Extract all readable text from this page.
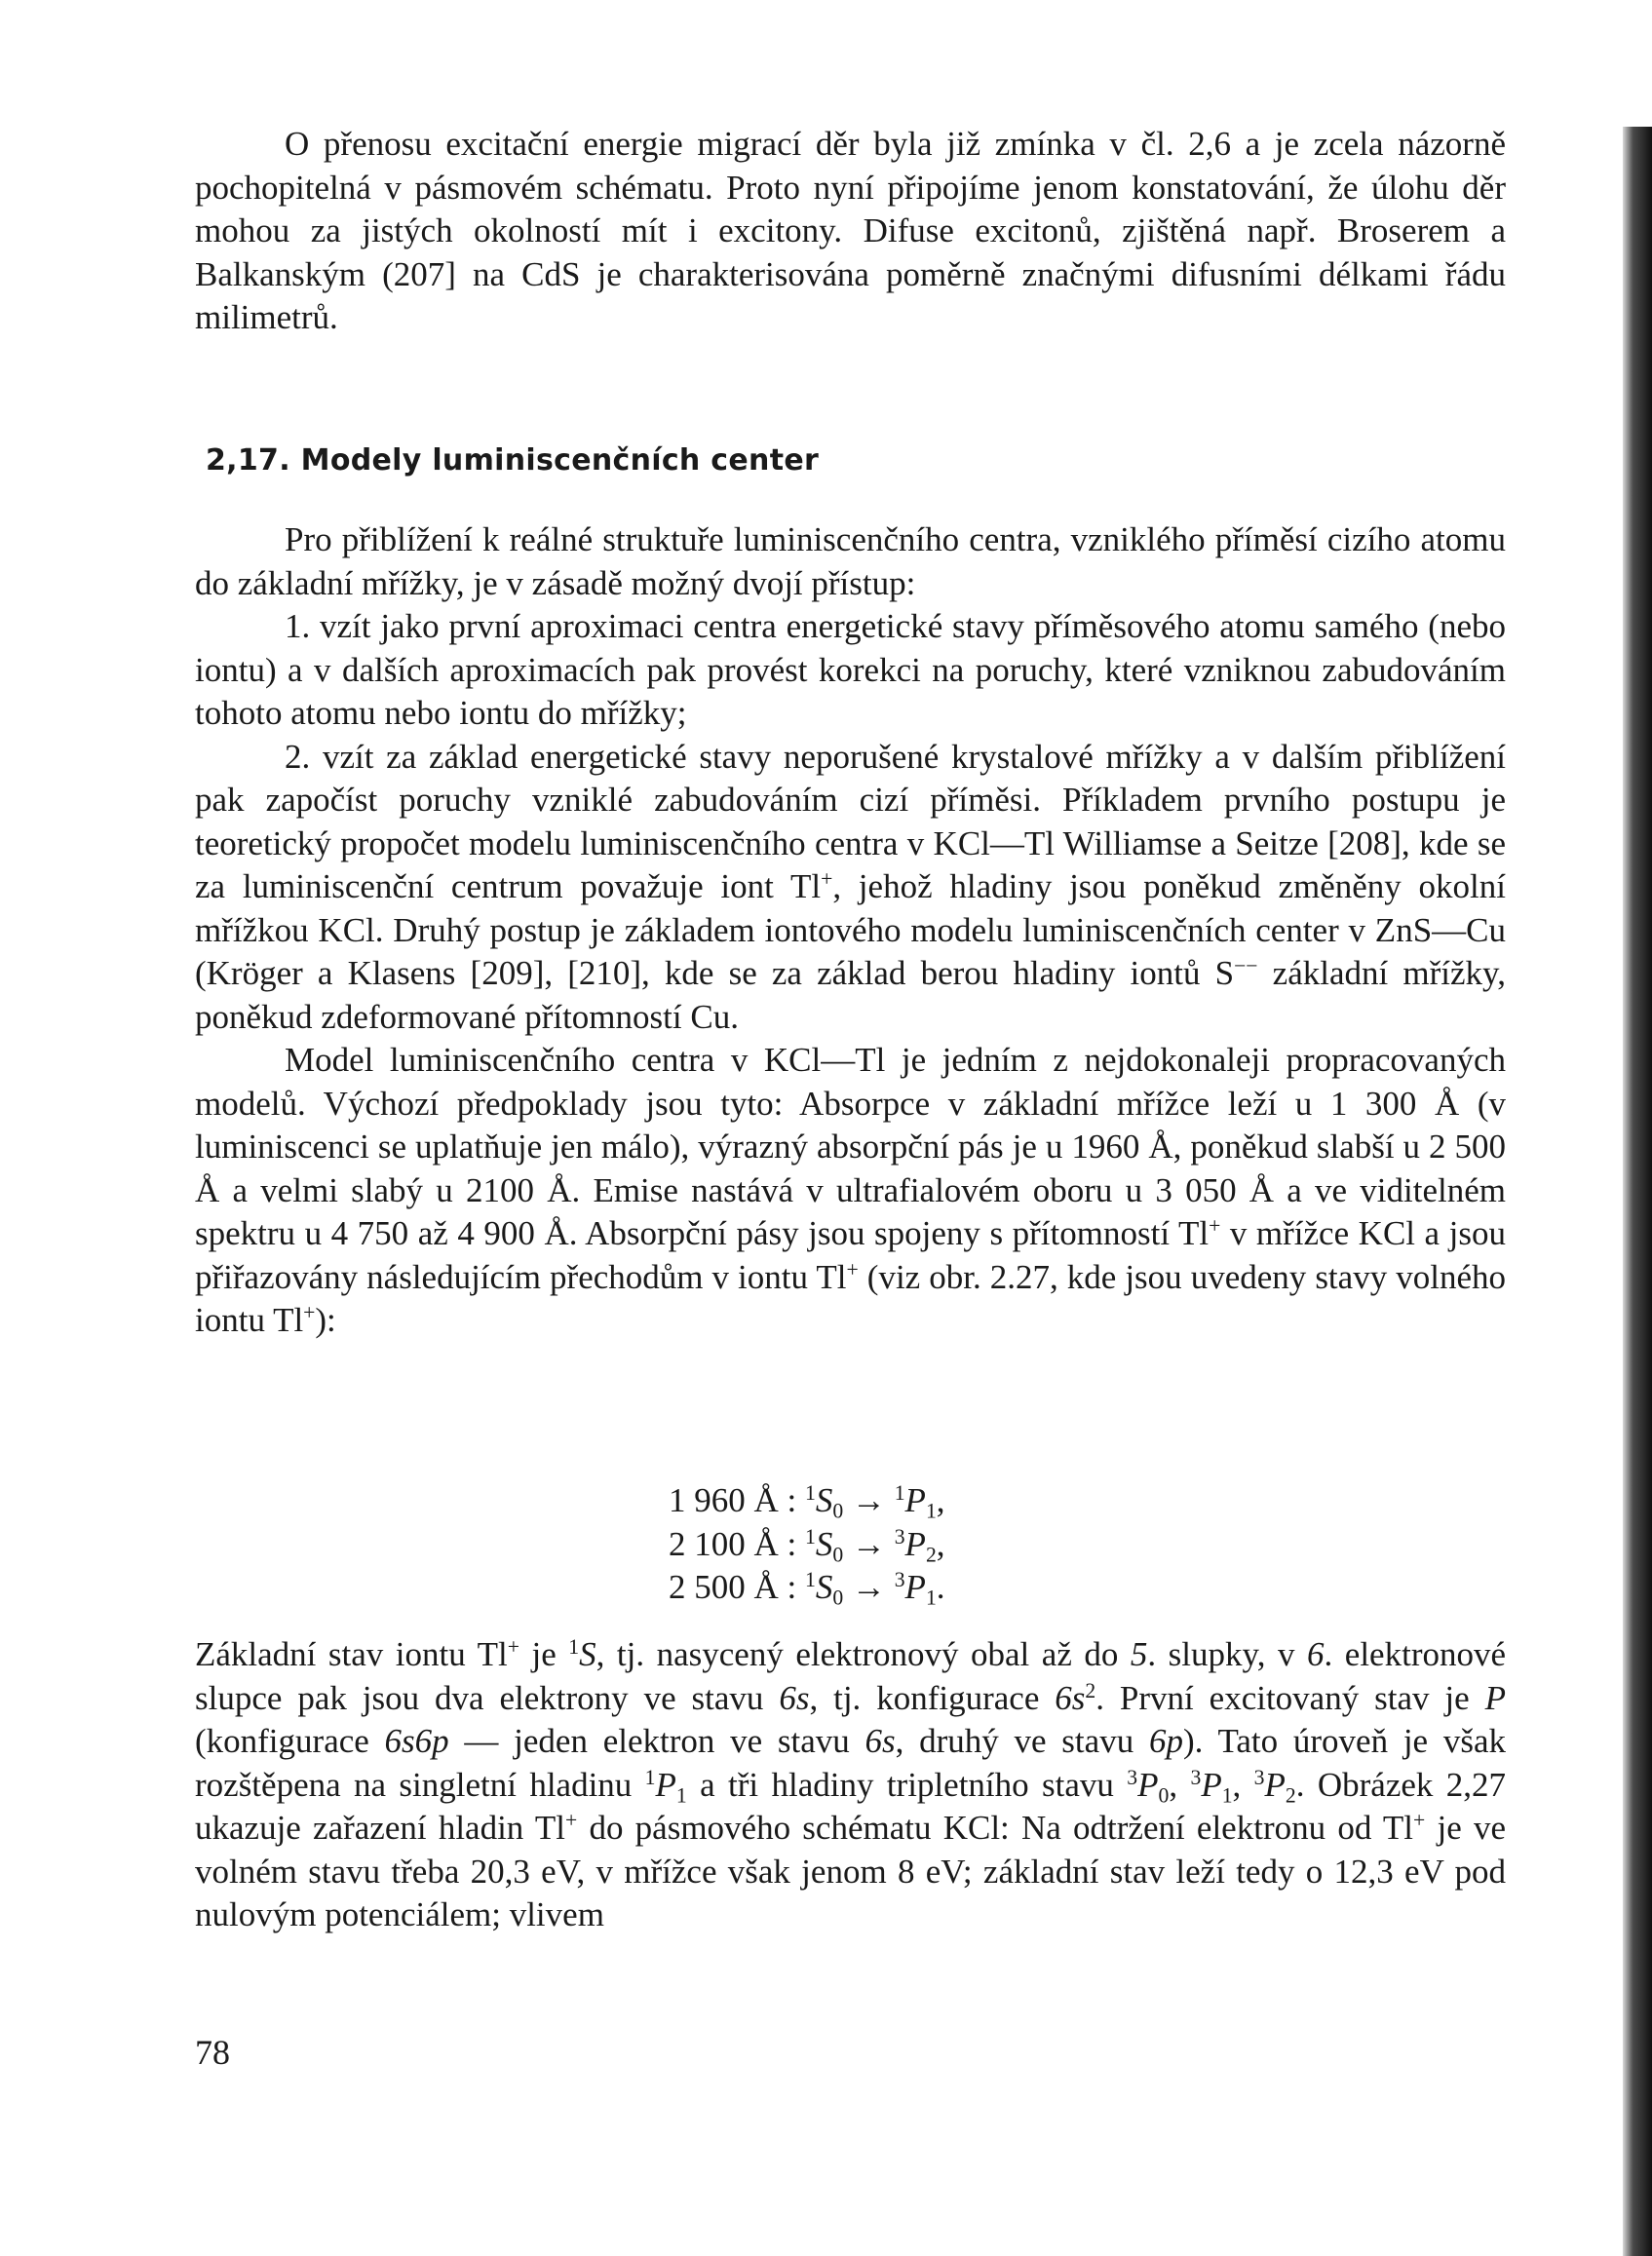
O přenosu excitační energie migrací děr byla již zmínka v čl. 2,6 a je zcela názorně pochopitelná v pásmovém schématu. Proto nyní připojíme jenom konstatování, že úlohu děr mohou za jistých okolností mít i excitony. Difuse excitonů, zjištěná např. Broserem a Balkanským (207] na CdS je charakterisována poměrně značnými difusními délkami řádu milimetrů.

2,17. Modely luminiscenčních center
Pro přiblížení k reálné struktuře luminiscenčního centra, vzniklého příměsí cizího atomu do základní mřížky, je v zásadě možný dvojí přístup:
1. vzít jako první aproximaci centra energetické stavy příměsového atomu samého (nebo iontu) a v dalších aproximacích pak provést korekci na poruchy, které vzniknou zabudováním tohoto atomu nebo iontu do mřížky;
2. vzít za základ energetické stavy neporušené krystalové mřížky a v dalším přiblížení pak započíst poruchy vzniklé zabudováním cizí příměsi. Příkladem prvního postupu je teoretický propočet modelu luminiscenčního centra v KCl—Tl Williamse a Seitze [208], kde se za luminiscenční centrum považuje iont Tl+, jehož hladiny jsou poněkud změněny okolní mřížkou KCl. Druhý postup je základem iontového modelu luminiscenčních center v ZnS—Cu (Kröger a Klasens [209], [210], kde se za základ berou hladiny iontů S−− základní mřížky, poněkud zdeformované přítomností Cu.
Model luminiscenčního centra v KCl—Tl je jedním z nejdokonaleji propracovaných modelů. Výchozí předpoklady jsou tyto: Absorpce v základní mřížce leží u 1 300 Å (v luminiscenci se uplatňuje jen málo), výrazný absorpční pás je u 1960 Å, poněkud slabší u 2 500 Å a velmi slabý u 2100 Å. Emise nastává v ultrafialovém oboru u 3 050 Å a ve viditelném spektru u 4 750 až 4 900 Å. Absorpční pásy jsou spojeny s přítomností Tl+ v mřížce KCl a jsou přiřazovány následujícím přechodům v iontu Tl+ (viz obr. 2.27, kde jsou uvedeny stavy volného iontu Tl+):
1 960 Å : $^1S_0 \to ^1P_1$,
2 100 Å : $^1S_0 \to ^3P_2$,
2 500 Å : $^1S_0 \to ^3P_1$.

Základní stav iontu Tl+ je $^1$S, tj. nasycený elektronový obal až do 5. slupky, v 6. elektronové slupce pak jsou dva elektrony ve stavu 6s, tj. konfigurace $6s^2$. První excitovaný stav je P (konfigurace 6s6p — jeden elektron ve stavu 6s, druhý ve stavu 6p). Tato úroveň je však rozštěpena na singletní hladinu $^1P_1$ a tři hladiny tripletního stavu $^3P_0$, $^3P_1$, $^3P_2$. Obrázek 2,27 ukazuje zařazení hladin Tl+ do pásmového schématu KCl: Na odtržení elektronu od Tl+ je ve volném stavu třeba 20,3 eV, v mřížce však jenom 8 eV; základní stav leží tedy o 12,3 eV pod nulovým potenciálem; vlivem

78
